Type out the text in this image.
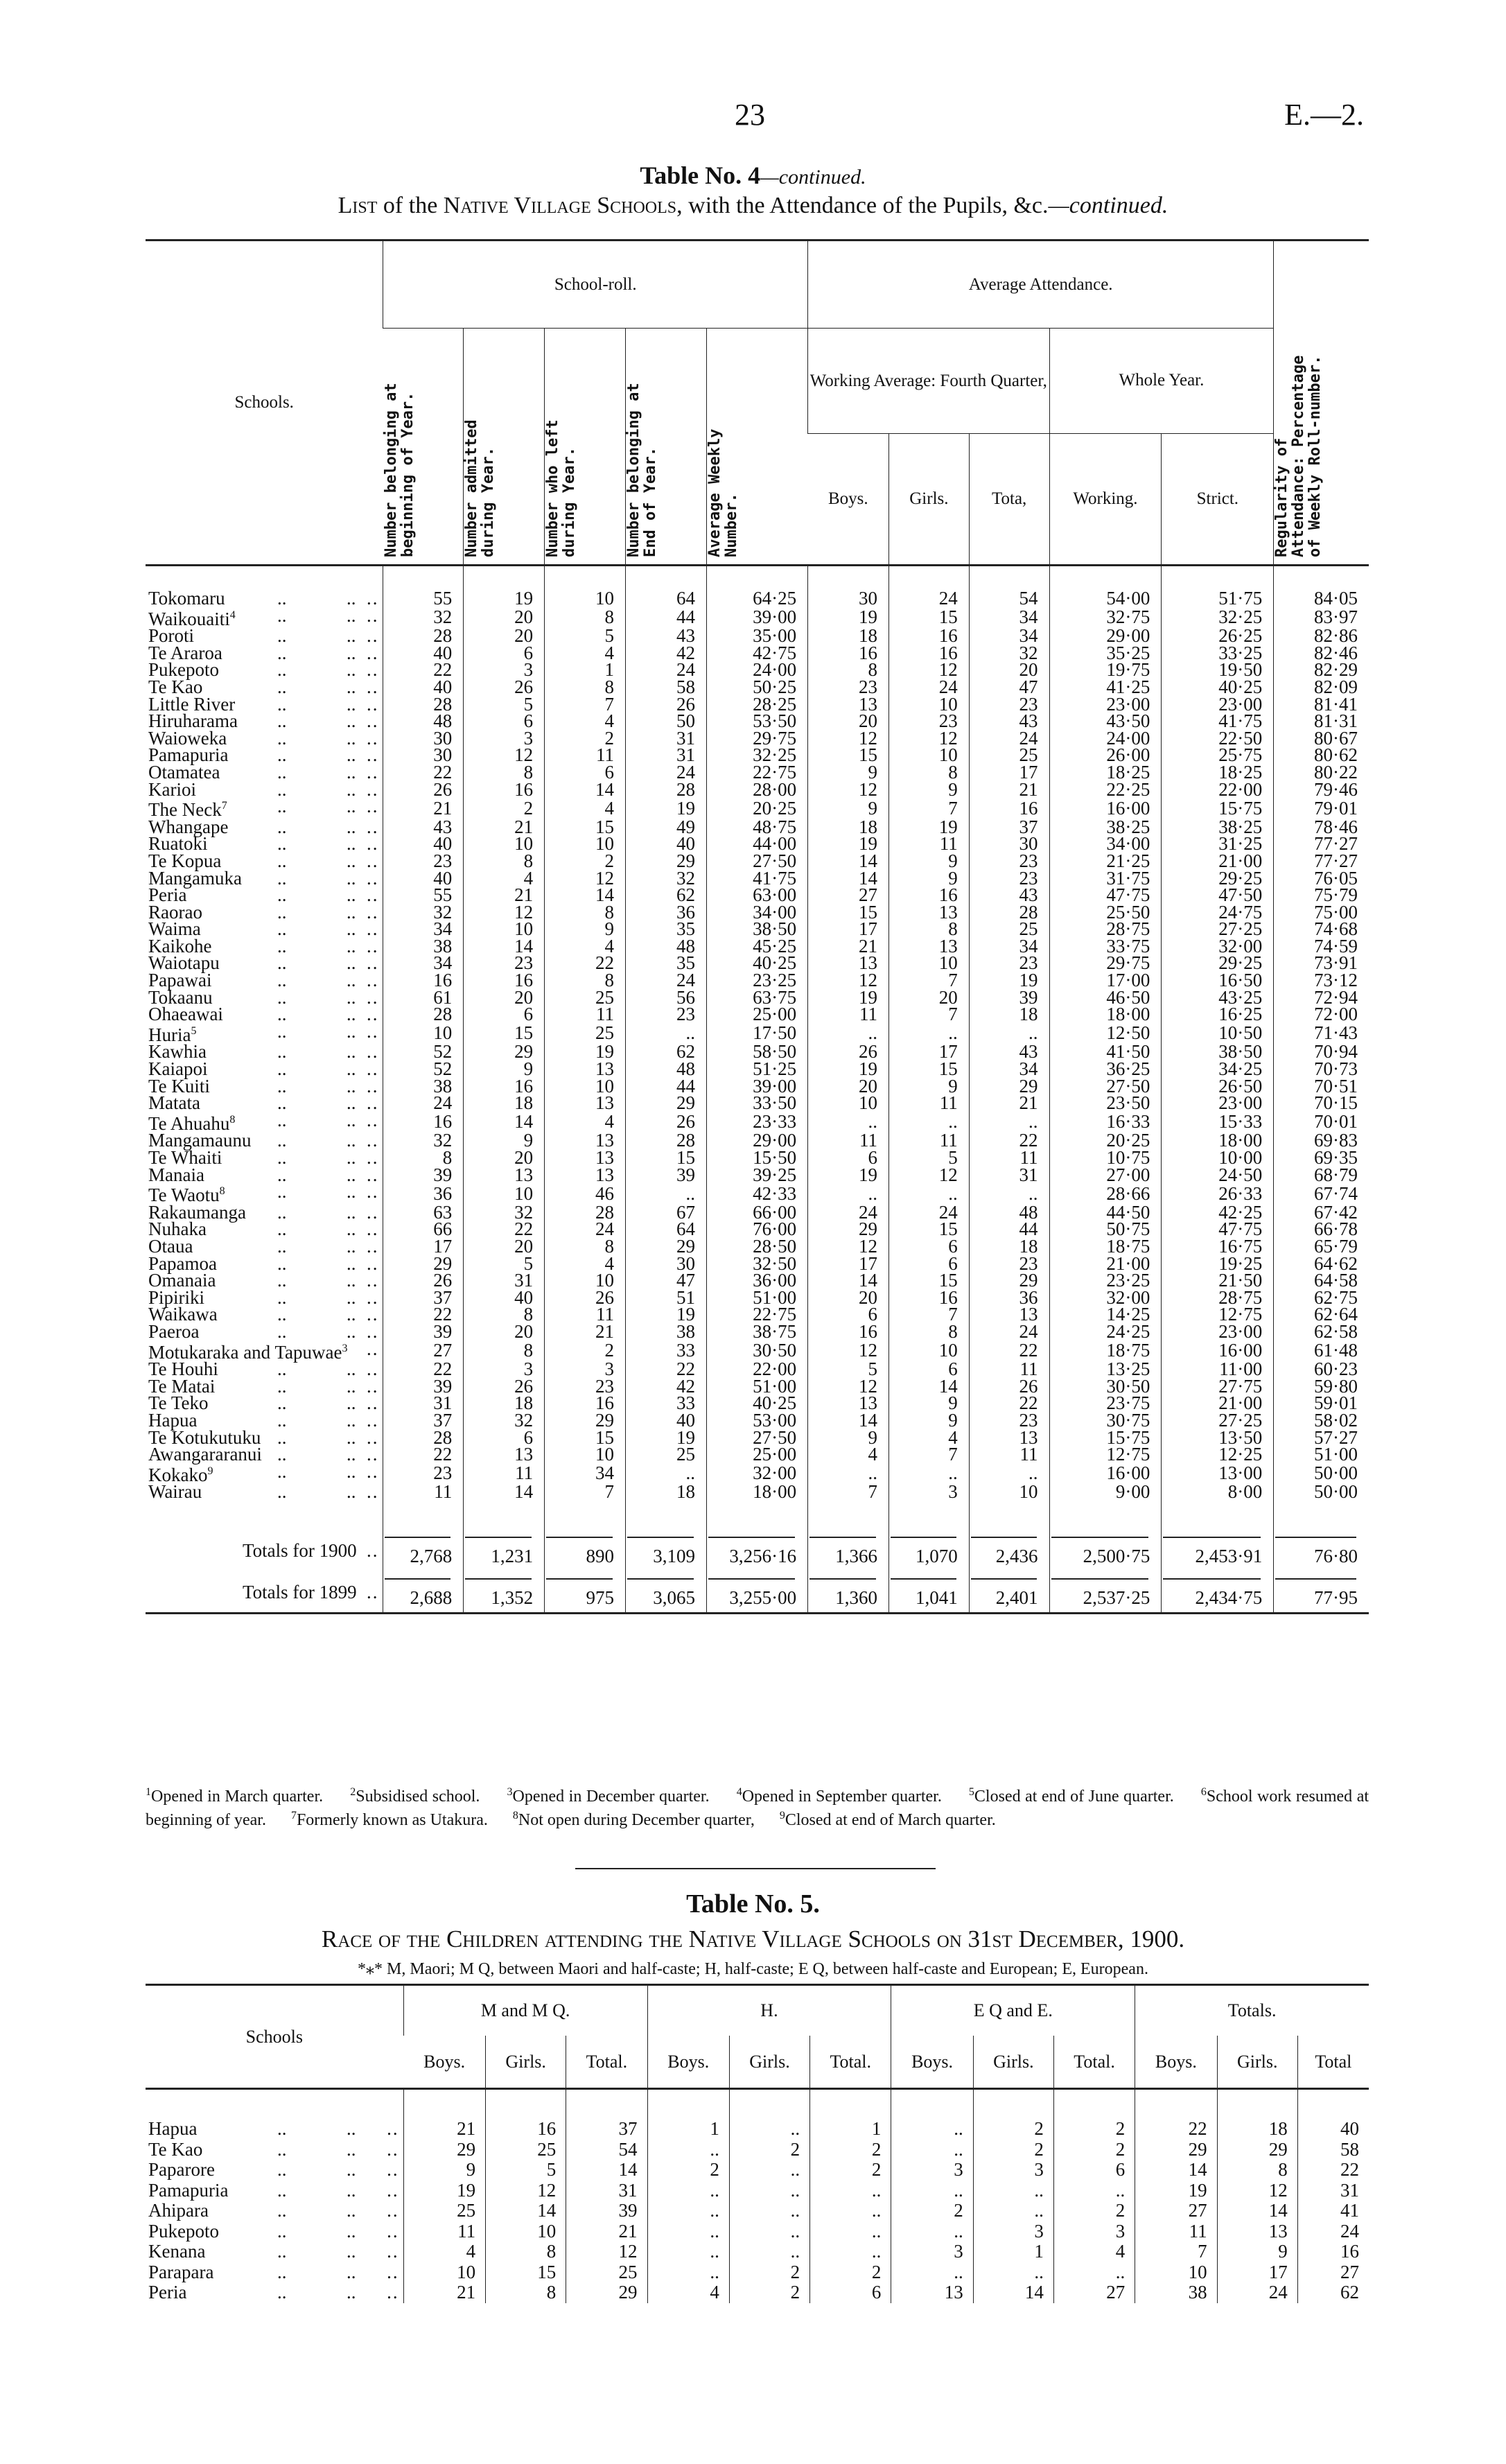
23	E.—2.
Table No. 4—continued.
List of the Native Village Schools, with the Attendance of the Pupils, &c.—continued.
Schools.	School-roll.					Average Attendance.					Regularity of Attendance: Percentage of Weekly Roll-number.

	Number belonging at beginning of Year.	Number admitted during Year.	Number who left during Year.	Number belonging at End of Year.	Average Weekly Number.	Working Average: Fourth Quarter,			Whole Year.		
						Boys.	Girls.	Tota,	Working.	Strict.	
Tokomaru .. .. ..	55	19	10	64	64·25	30	24	54	54·00	51·75	84·05
Waikouaiti$^4$ .. .. ..	32	20	8	44	39·00	19	15	34	32·75	32·25	83·97
Poroti .. .. ..	28	20	5	43	35·00	18	16	34	29·00	26·25	82·86
Te Araroa .. .. ..	40	6	4	42	42·75	16	16	32	35·25	33·25	82·46
Pukepoto .. .. ..	22	3	1	24	24·00	8	12	20	19·75	19·50	82·29
Te Kao .. .. ..	40	26	8	58	50·25	23	24	47	41·25	40·25	82·09
Little River .. .. ..	28	5	7	26	28·25	13	10	23	23·00	23·00	81·41
Hiruharama .. .. ..	48	6	4	50	53·50	20	23	43	43·50	41·75	81·31
Waioweka .. .. ..	30	3	2	31	29·75	12	12	24	24·00	22·50	80·67
Pamapuria .. .. ..	30	12	11	31	32·25	15	10	25	26·00	25·75	80·62
Otamatea .. .. ..	22	8	6	24	22·75	9	8	17	18·25	18·25	80·22
Karioi .. .. ..	26	16	14	28	28·00	12	9	21	22·25	22·00	79·46
The Neck$^7$ .. .. ..	21	2	4	19	20·25	9	7	16	16·00	15·75	79·01
Whangape .. .. ..	43	21	15	49	48·75	18	19	37	38·25	38·25	78·46
Ruatoki .. .. ..	40	10	10	40	44·00	19	11	30	34·00	31·25	77·27
Te Kopua .. .. ..	23	8	2	29	27·50	14	9	23	21·25	21·00	77·27
Mangamuka .. .. ..	40	4	12	32	41·75	14	9	23	31·75	29·25	76·05
Peria .. .. ..	55	21	14	62	63·00	27	16	43	47·75	47·50	75·79
Raorao .. .. ..	32	12	8	36	34·00	15	13	28	25·50	24·75	75·00
Waima .. .. ..	34	10	9	35	38·50	17	8	25	28·75	27·25	74·68
Kaikohe .. .. ..	38	14	4	48	45·25	21	13	34	33·75	32·00	74·59
Waiotapu .. .. ..	34	23	22	35	40·25	13	10	23	29·75	29·25	73·91
Papawai .. .. ..	16	16	8	24	23·25	12	7	19	17·00	16·50	73·12
Tokaanu .. .. ..	61	20	25	56	63·75	19	20	39	46·50	43·25	72·94
Ohaeawai .. .. ..	28	6	11	23	25·00	11	7	18	18·00	16·25	72·00
Huria$^5$ .. .. ..	10	15	25	..	17·50	..	..	..	12·50	10·50	71·43
Kawhia .. .. ..	52	29	19	62	58·50	26	17	43	41·50	38·50	70·94
Kaiapoi .. .. ..	52	9	13	48	51·25	19	15	34	36·25	34·25	70·73
Te Kuiti .. .. ..	38	16	10	44	39·00	20	9	29	27·50	26·50	70·51
Matata .. .. ..	24	18	13	29	33·50	10	11	21	23·50	23·00	70·15
Te Ahuahu$^8$ .. .. ..	16	14	4	26	23·33	..	..	..	16·33	15·33	70·01
Mangamaunu .. .. ..	32	9	13	28	29·00	11	11	22	20·25	18·00	69·83
Te Whaiti .. .. ..	8	20	13	15	15·50	6	5	11	10·75	10·00	69·35
Manaia .. .. ..	39	13	13	39	39·25	19	12	31	27·00	24·50	68·79
Te Waotu$^8$ .. .. ..	36	10	46	..	42·33	..	..	..	28·66	26·33	67·74
Rakaumanga .. .. ..	63	32	28	67	66·00	24	24	48	44·50	42·25	67·42
Nuhaka .. .. ..	66	22	24	64	76·00	29	15	44	50·75	47·75	66·78
Otaua .. .. ..	17	20	8	29	28·50	12	6	18	18·75	16·75	65·79
Papamoa .. .. ..	29	5	4	30	32·50	17	6	23	21·00	19·25	64·62
Omanaia .. .. ..	26	31	10	47	36·00	14	15	29	23·25	21·50	64·58
Pipiriki .. .. ..	37	40	26	51	51·00	20	16	36	32·00	28·75	62·75
Waikawa .. .. ..	22	8	11	19	22·75	6	7	13	14·25	12·75	62·64
Paeroa .. .. ..	39	20	21	38	38·75	16	8	24	24·25	23·00	62·58
Motukaraka and Tapuwae$^3$ ..	27	8	2	33	30·50	12	10	22	18·75	16·00	61·48
Te Houhi .. .. ..	22	3	3	22	22·00	5	6	11	13·25	11·00	60·23
Te Matai .. .. ..	39	26	23	42	51·00	12	14	26	30·50	27·75	59·80
Te Teko .. .. ..	31	18	16	33	40·25	13	9	22	23·75	21·00	59·01
Hapua .. .. ..	37	32	29	40	53·00	14	9	23	30·75	27·25	58·02
Te Kotukutuku .. .. ..	28	6	15	19	27·50	9	4	13	15·75	13·50	57·27
Awangararanui .. .. ..	22	13	10	25	25·00	4	7	11	12·75	12·25	51·00
Kokako$^9$ .. .. ..	23	11	34	..	32·00	..	..	..	16·00	13·00	50·00
Wairau .. .. ..	11	14	7	18	18·00	7	3	10	9·00	8·00	50·00

Totals for 1900 ..	2,768	1,231	890	3,109	3,256·16	1,366	1,070	2,436	2,500·75	2,453·91	76·80
Totals for 1899 ..	2,688	1,352	975	3,065	3,255·00	1,360	1,041	2,401	2,537·25	2,434·75	77·95

$^1$Opened in March quarter. $^2$Subsidised school. $^3$Opened in December quarter. $^4$Opened in September quarter. $^5$Closed at end of June quarter. $^6$School work resumed at beginning of year. $^7$Formerly known as Utakura. $^8$Not open during December quarter, $^9$Closed at end of March quarter.
Table No. 5.
Race of the Children attending the Native Village Schools on 31st December, 1900.
*⁎* M, Maori; M Q, between Maori and half-caste; H, half-caste; E Q, between half-caste and European; E, European.
Schools	M and M Q.			H.			E Q and E.			Totals.		
	Boys.	Girls.	Total.	Boys.	Girls.	Total.	Boys.	Girls.	Total.	Boys.	Girls.	Total
Hapua .. .. ..	21	16	37	1	..	1	..	2	2	22	18	40
Te Kao .. .. ..	29	25	54	..	2	2	..	2	2	29	29	58
Paparore .. .. ..	9	5	14	2	..	2	3	3	6	14	8	22
Pamapuria .. .. ..	19	12	31	..	..	..	..	..	..	19	12	31
Ahipara .. .. ..	25	14	39	..	..	..	2	..	2	27	14	41
Pukepoto .. .. ..	11	10	21	..	..	..	..	3	3	11	13	24
Kenana .. .. ..	4	8	12	..	..	..	3	1	4	7	9	16
Parapara .. .. ..	10	15	25	..	2	2	..	..	..	10	17	27
Peria .. .. ..	21	8	29	4	2	6	13	14	27	38	24	62
